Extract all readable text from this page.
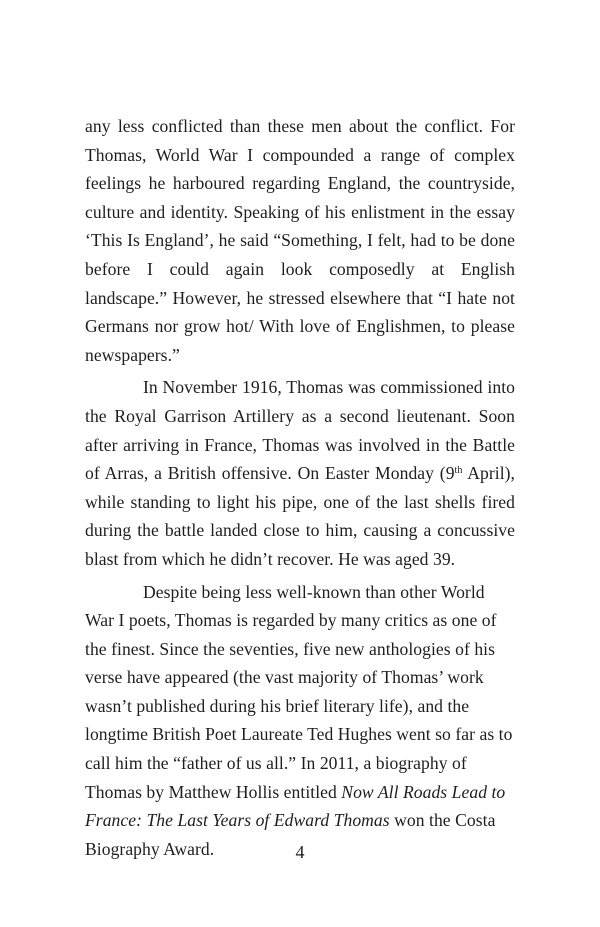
any less conflicted than these men about the conflict. For Thomas, World War I compounded a range of complex feelings he harboured regarding England, the countryside, culture and identity. Speaking of his enlistment in the essay ‘This Is England’, he said “Something, I felt, had to be done before I could again look composedly at English landscape.” However, he stressed elsewhere that “I hate not Germans nor grow hot/ With love of Englishmen, to please newspapers.”

In November 1916, Thomas was commissioned into the Royal Garrison Artillery as a second lieutenant. Soon after arriving in France, Thomas was involved in the Battle of Arras, a British offensive. On Easter Monday (9th April), while standing to light his pipe, one of the last shells fired during the battle landed close to him, causing a concussive blast from which he didn’t recover. He was aged 39.

Despite being less well-known than other World War I poets, Thomas is regarded by many critics as one of the finest. Since the seventies, five new anthologies of his verse have appeared (the vast majority of Thomas’ work wasn’t published during his brief literary life), and the longtime British Poet Laureate Ted Hughes went so far as to call him the “father of us all.” In 2011, a biography of Thomas by Matthew Hollis entitled Now All Roads Lead to France: The Last Years of Edward Thomas won the Costa Biography Award.	4
